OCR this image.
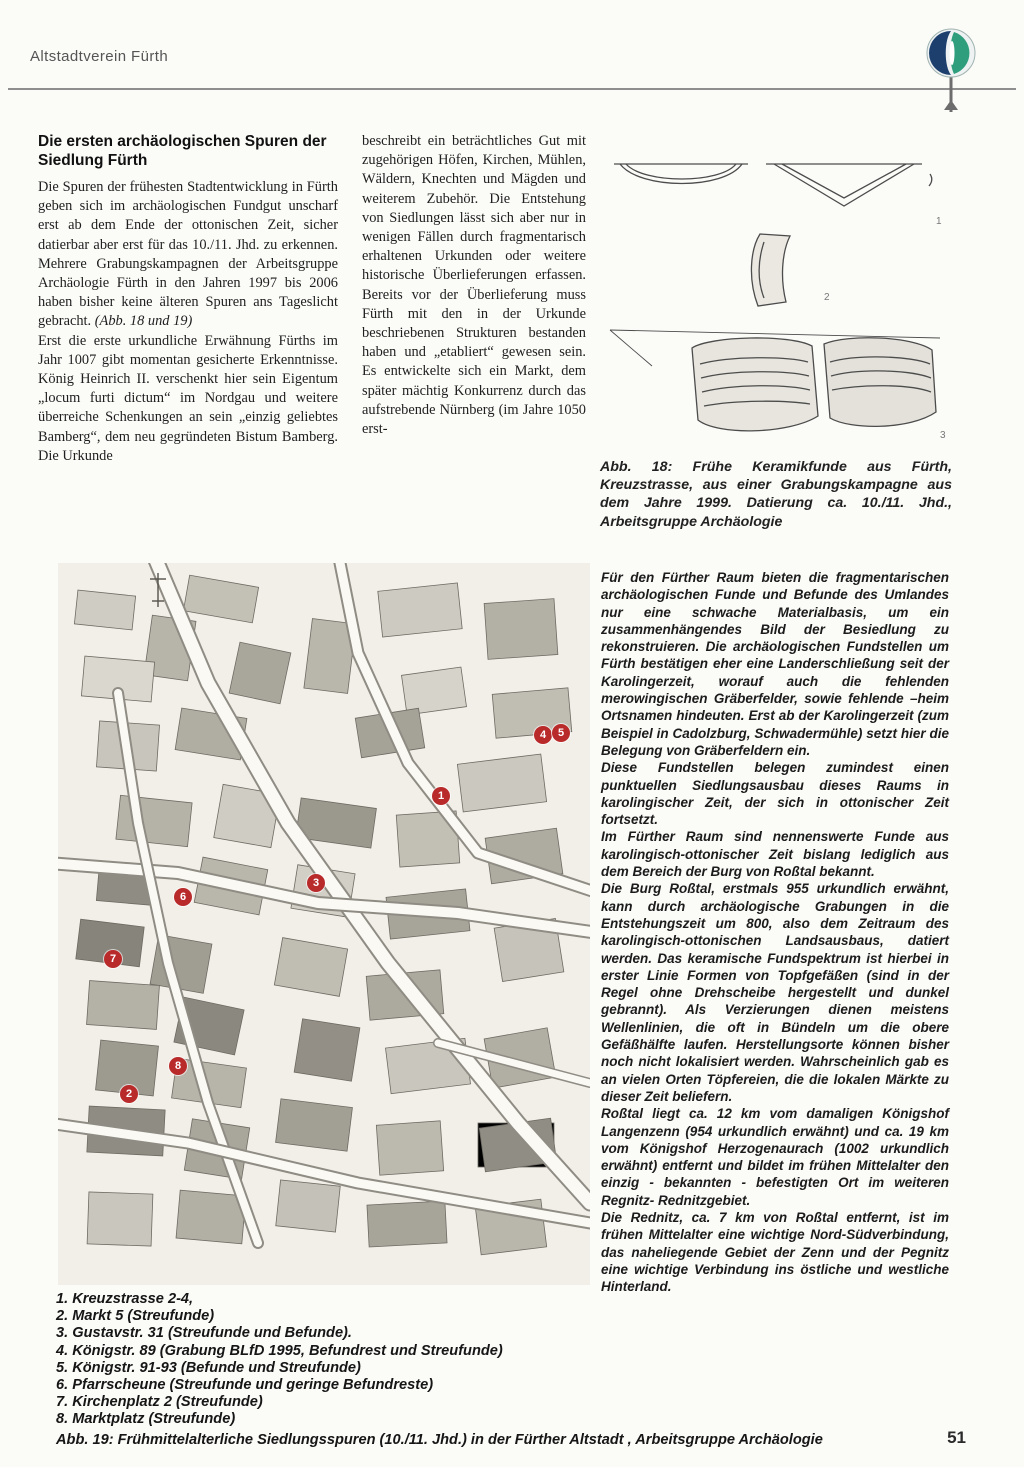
Altstadtverein Fürth
Die ersten archäologischen Spuren der Siedlung Fürth

Die Spuren der frühesten Stadtentwicklung in Fürth geben sich im archäologischen Fundgut unscharf erst ab dem Ende der ottonischen Zeit, sicher datierbar aber erst für das 10./11. Jhd. zu erkennen. Mehrere Grabungskampagnen der Arbeitsgruppe Archäologie Fürth in den Jahren 1997 bis 2006 haben bisher keine älteren Spuren ans Tageslicht gebracht. (Abb. 18 und 19)

Erst die erste urkundliche Erwähnung Fürths im Jahr 1007 gibt momentan gesicherte Erkenntnisse. König Heinrich II. verschenkt hier sein Eigentum „locum furti dictum“ im Nordgau und weitere überreiche Schenkungen an sein „einzig geliebtes Bamberg“, dem neu gegründeten Bistum Bamberg. Die Urkunde

beschreibt ein beträchtliches Gut mit zugehörigen Höfen, Kirchen, Mühlen, Wäldern, Knechten und Mägden und weiterem Zubehör. Die Entstehung von Siedlungen lässt sich aber nur in wenigen Fällen durch fragmentarisch erhaltenen Urkunden oder weitere historische Überlieferungen erfassen. Bereits vor der Überlieferung muss Fürth mit den in der Urkunde beschriebenen Strukturen bestanden haben und „etabliert“ gewesen sein. Es entwickelte sich ein Markt, dem später mächtig Konkurrenz durch das aufstrebende Nürnberg (im Jahre 1050 erst-

1
2
3
Abb. 18: Frühe Keramikfunde aus Fürth, Kreuzstrasse, aus einer Grabungskampagne aus dem Jahre 1999. Datierung ca. 10./11. Jhd., Arbeitsgruppe Archäologie
1
2
3
4	5
6
7
8

Für den Fürther Raum bieten die fragmentarischen archäologischen Funde und Befunde des Umlandes nur eine schwache Materialbasis, um ein zusammenhängendes Bild der Besiedlung zu rekonstruieren. Die archäologischen Fundstellen um Fürth bestätigen eher eine Landerschließung seit der Karolingerzeit, worauf auch die fehlenden merowingischen Gräberfelder, sowie fehlende –heim Ortsnamen hindeuten. Erst ab der Karolingerzeit (zum Beispiel in Cadolzburg, Schwadermühle) setzt hier die Belegung von Gräberfeldern ein.

Diese Fundstellen belegen zumindest einen punktuellen Siedlungsausbau dieses Raums in karolingischer Zeit, der sich in ottonischer Zeit fortsetzt.

Im Fürther Raum sind nennenswerte Funde aus karolingisch-ottonischer Zeit bislang lediglich aus dem Bereich der Burg von Roßtal bekannt.

Die Burg Roßtal, erstmals 955 urkundlich erwähnt, kann durch archäologische Grabungen in die Entstehungszeit um 800, also dem Zeitraum des karolingisch-ottonischen Landsausbaus, datiert werden. Das keramische Fundspektrum ist hierbei in erster Linie Formen von Topfgefäßen (sind in der Regel ohne Drehscheibe hergestellt und dunkel gebrannt). Als Verzierungen dienen meistens Wellenlinien, die oft in Bündeln um die obere Gefäßhälfte laufen. Herstellungsorte können bisher noch nicht lokalisiert werden. Wahrscheinlich gab es an vielen Orten Töpfereien, die die lokalen Märkte zu dieser Zeit beliefern.

Roßtal liegt ca. 12 km vom damaligen Königshof Langenzenn (954 urkundlich erwähnt) und ca. 19 km vom Königshof Herzogenaurach (1002 urkundlich erwähnt) entfernt und bildet im frühen Mittelalter den einzig - bekannten - befestigten Ort im weiteren Regnitz- Rednitzgebiet.

Die Rednitz, ca. 7 km von Roßtal entfernt, ist im frühen Mittelalter eine wichtige Nord-Südverbindung, das naheliegende Gebiet der Zenn und der Pegnitz eine wichtige Verbindung ins östliche und westliche Hinterland.

1. Kreuzstrasse 2-4,
2. Markt 5 (Streufunde)
3. Gustavstr. 31 (Streufunde und Befunde).
4. Königstr. 89 (Grabung BLfD 1995, Befundrest und Streufunde)
5. Königstr. 91-93 (Befunde und Streufunde)
6. Pfarrscheune (Streufunde und geringe Befundreste)
7. Kirchenplatz 2 (Streufunde)
8. Marktplatz (Streufunde)
Abb. 19: Frühmittelalterliche Siedlungsspuren (10./11. Jhd.) in der Fürther Altstadt , Arbeitsgruppe Archäologie	51
